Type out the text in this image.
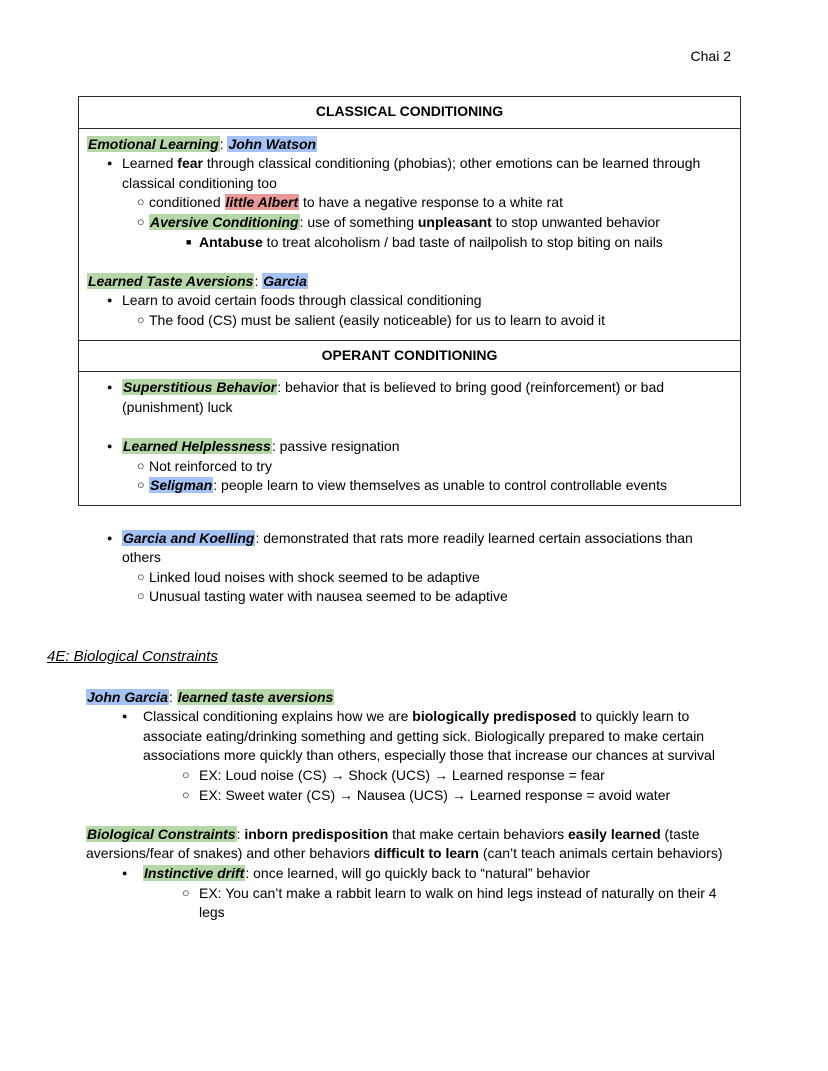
Chai 2
CLASSICAL CONDITIONING
Emotional Learning: John Watson
● Learned fear through classical conditioning (phobias); other emotions can be learned through classical conditioning too
○ conditioned little Albert to have a negative response to a white rat
○ Aversive Conditioning: use of something unpleasant to stop unwanted behavior
■ Antabuse to treat alcoholism / bad taste of nailpolish to stop biting on nails
Learned Taste Aversions: Garcia
● Learn to avoid certain foods through classical conditioning
○ The food (CS) must be salient (easily noticeable) for us to learn to avoid it
OPERANT CONDITIONING
● Superstitious Behavior: behavior that is believed to bring good (reinforcement) or bad (punishment) luck
● Learned Helplessness: passive resignation
○ Not reinforced to try
○ Seligman: people learn to view themselves as unable to control controllable events
● Garcia and Koelling: demonstrated that rats more readily learned certain associations than others
○ Linked loud noises with shock seemed to be adaptive
○ Unusual tasting water with nausea seemed to be adaptive
4E: Biological Constraints
John Garcia: learned taste aversions
● Classical conditioning explains how we are biologically predisposed to quickly learn to associate eating/drinking something and getting sick. Biologically prepared to make certain associations more quickly than others, especially those that increase our chances at survival
○ EX: Loud noise (CS) → Shock (UCS) → Learned response = fear
○ EX: Sweet water (CS) → Nausea (UCS) → Learned response = avoid water
Biological Constraints: inborn predisposition that make certain behaviors easily learned (taste aversions/fear of snakes) and other behaviors difficult to learn (can’t teach animals certain behaviors)
● Instinctive drift: once learned, will go quickly back to “natural” behavior
○ EX: You can’t make a rabbit learn to walk on hind legs instead of naturally on their 4 legs
